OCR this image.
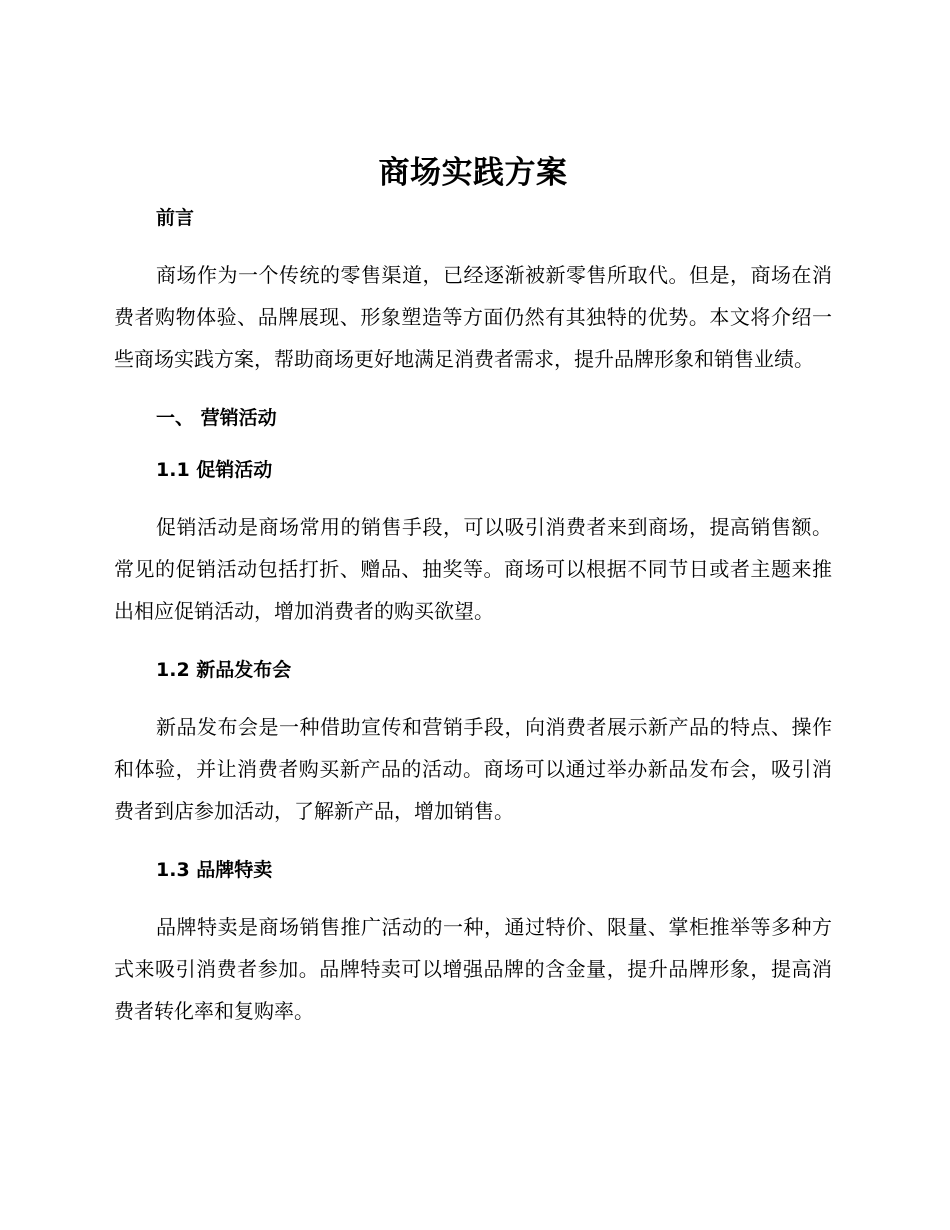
商场实践方案
前言

商场作为一个传统的零售渠道，已经逐渐被新零售所取代。但是，商场在消费者购物体验、品牌展现、形象塑造等方面仍然有其独特的优势。本文将介绍一些商场实践方案，帮助商场更好地满足消费者需求，提升品牌形象和销售业绩。

一、 营销活动
1.1 促销活动

促销活动是商场常用的销售手段，可以吸引消费者来到商场，提高销售额。常见的促销活动包括打折、赠品、抽奖等。商场可以根据不同节日或者主题来推出相应促销活动，增加消费者的购买欲望。

1.2 新品发布会

新品发布会是一种借助宣传和营销手段，向消费者展示新产品的特点、操作和体验，并让消费者购买新产品的活动。商场可以通过举办新品发布会，吸引消费者到店参加活动，了解新产品，增加销售。

1.3 品牌特卖

品牌特卖是商场销售推广活动的一种，通过特价、限量、掌柜推举等多种方式来吸引消费者参加。品牌特卖可以增强品牌的含金量，提升品牌形象，提高消费者转化率和复购率。
